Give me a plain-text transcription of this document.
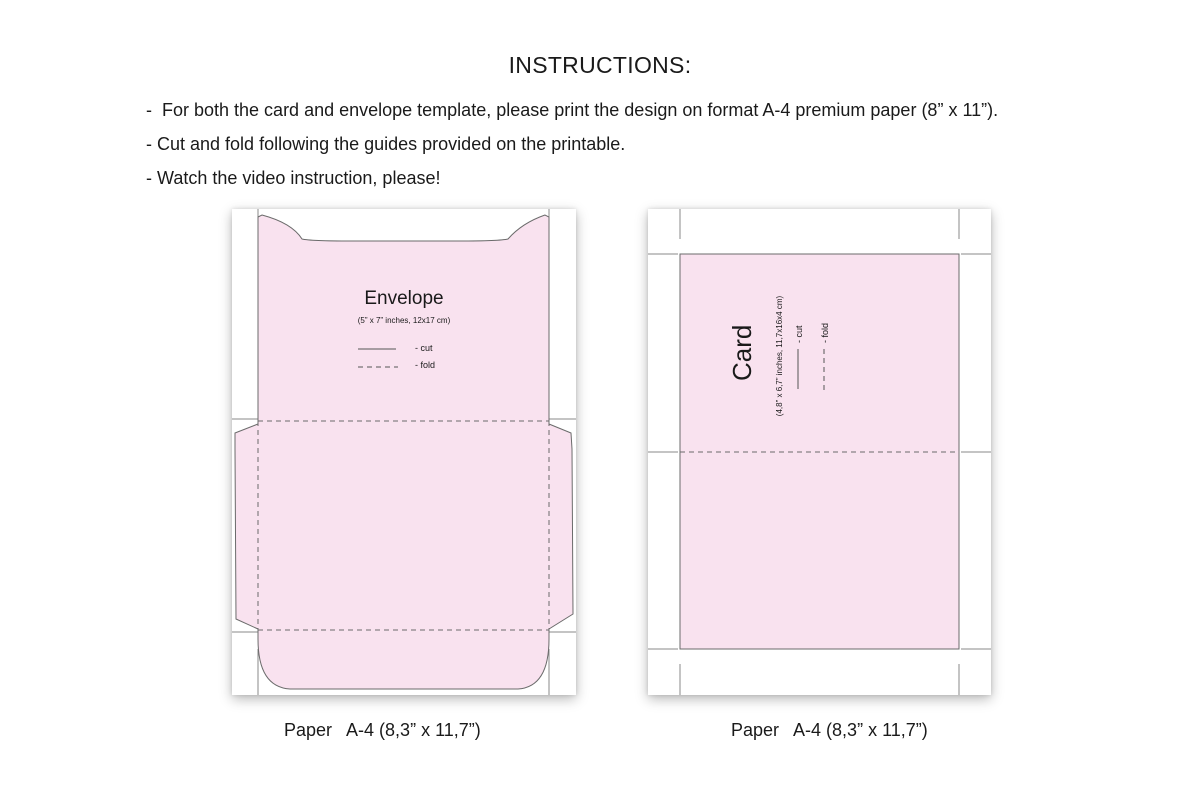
INSTRUCTIONS:
-  For both the card and envelope template, please print the design on format A-4 premium paper (8” x 11”).
- Cut and fold following the guides provided on the printable.
- Watch the video instruction, please!
Envelope
(5” x 7” inches, 12x17 cm)
- cut
- fold	Card (4,8” x 6,7” inches, 11,7x16x4 cm) - cut - fold
Paper   A-4 (8,3” x 11,7”)	Paper   A-4 (8,3” x 11,7”)
